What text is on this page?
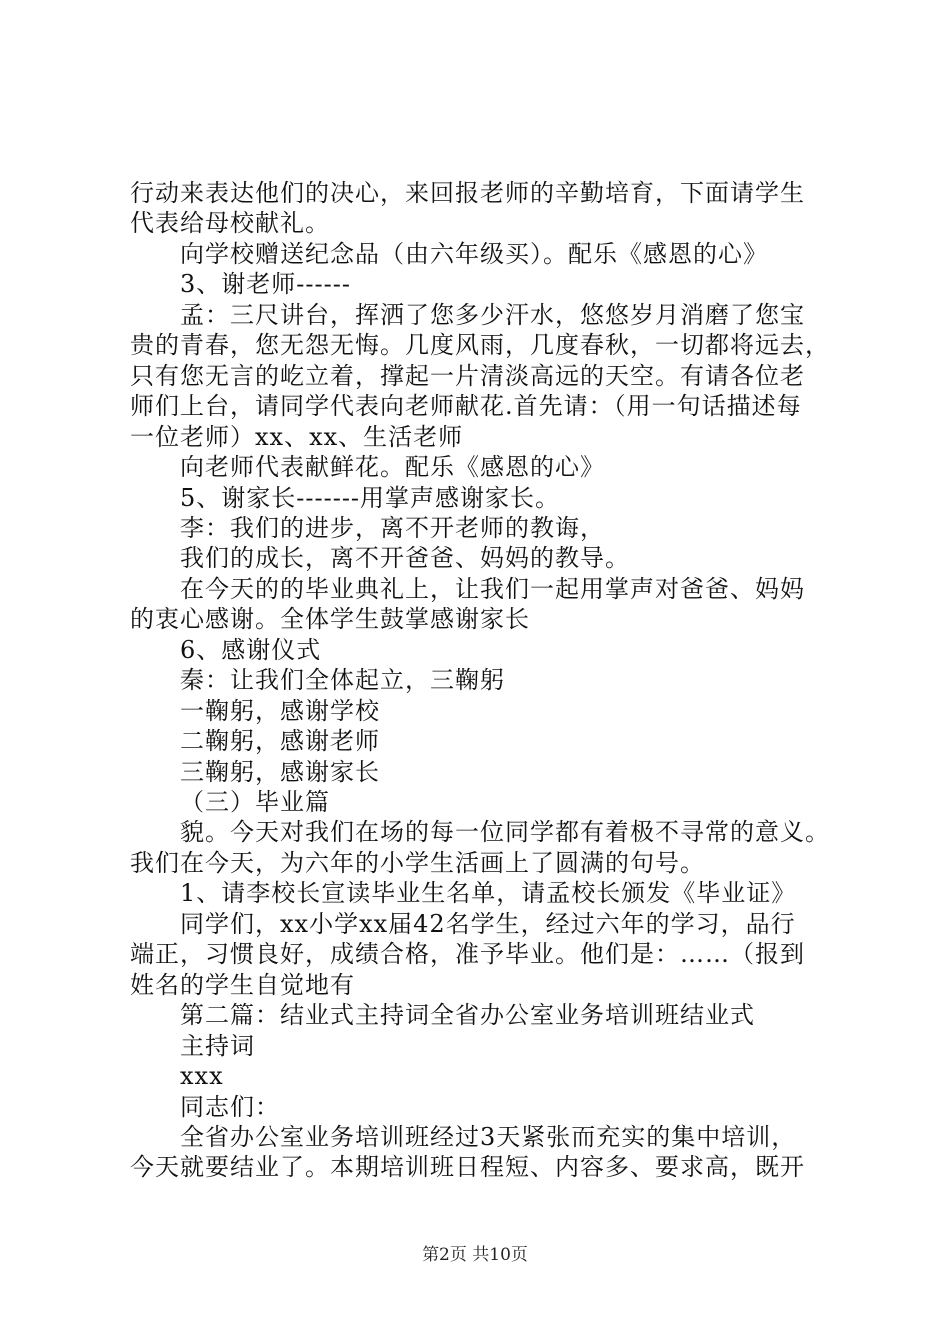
行动来表达他们的决心，来回报老师的辛勤培育，下面请学生
代表给母校献礼。
向学校赠送纪念品（由六年级买）。配乐《感恩的心》
3、谢老师------
孟：三尺讲台，挥洒了您多少汗水，悠悠岁月消磨了您宝
贵的青春，您无怨无悔。几度风雨，几度春秋，一切都将远去，
只有您无言的屹立着，撑起一片清淡高远的天空。有请各位老
师们上台，请同学代表向老师献花.首先请：（用一句话描述每
一位老师）xx、xx、生活老师
向老师代表献鲜花。配乐《感恩的心》
5、谢家长-------用掌声感谢家长。
李：我们的进步，离不开老师的教诲，
我们的成长，离不开爸爸、妈妈的教导。
在今天的的毕业典礼上，让我们一起用掌声对爸爸、妈妈
的衷心感谢。全体学生鼓掌感谢家长
6、感谢仪式
秦：让我们全体起立，三鞠躬
一鞠躬，感谢学校
二鞠躬，感谢老师
三鞠躬，感谢家长
（三）毕业篇
貌。今天对我们在场的每一位同学都有着极不寻常的意义。
我们在今天，为六年的小学生活画上了圆满的句号。
1、请李校长宣读毕业生名单，请孟校长颁发《毕业证》
同学们，xx小学xx届42名学生，经过六年的学习，品行
端正，习惯良好，成绩合格，准予毕业。他们是：……（报到
姓名的学生自觉地有
第二篇：结业式主持词全省办公室业务培训班结业式
主持词
xxx
同志们：
全省办公室业务培训班经过3天紧张而充实的集中培训，
今天就要结业了。本期培训班日程短、内容多、要求高，既开
第2页 共10页
